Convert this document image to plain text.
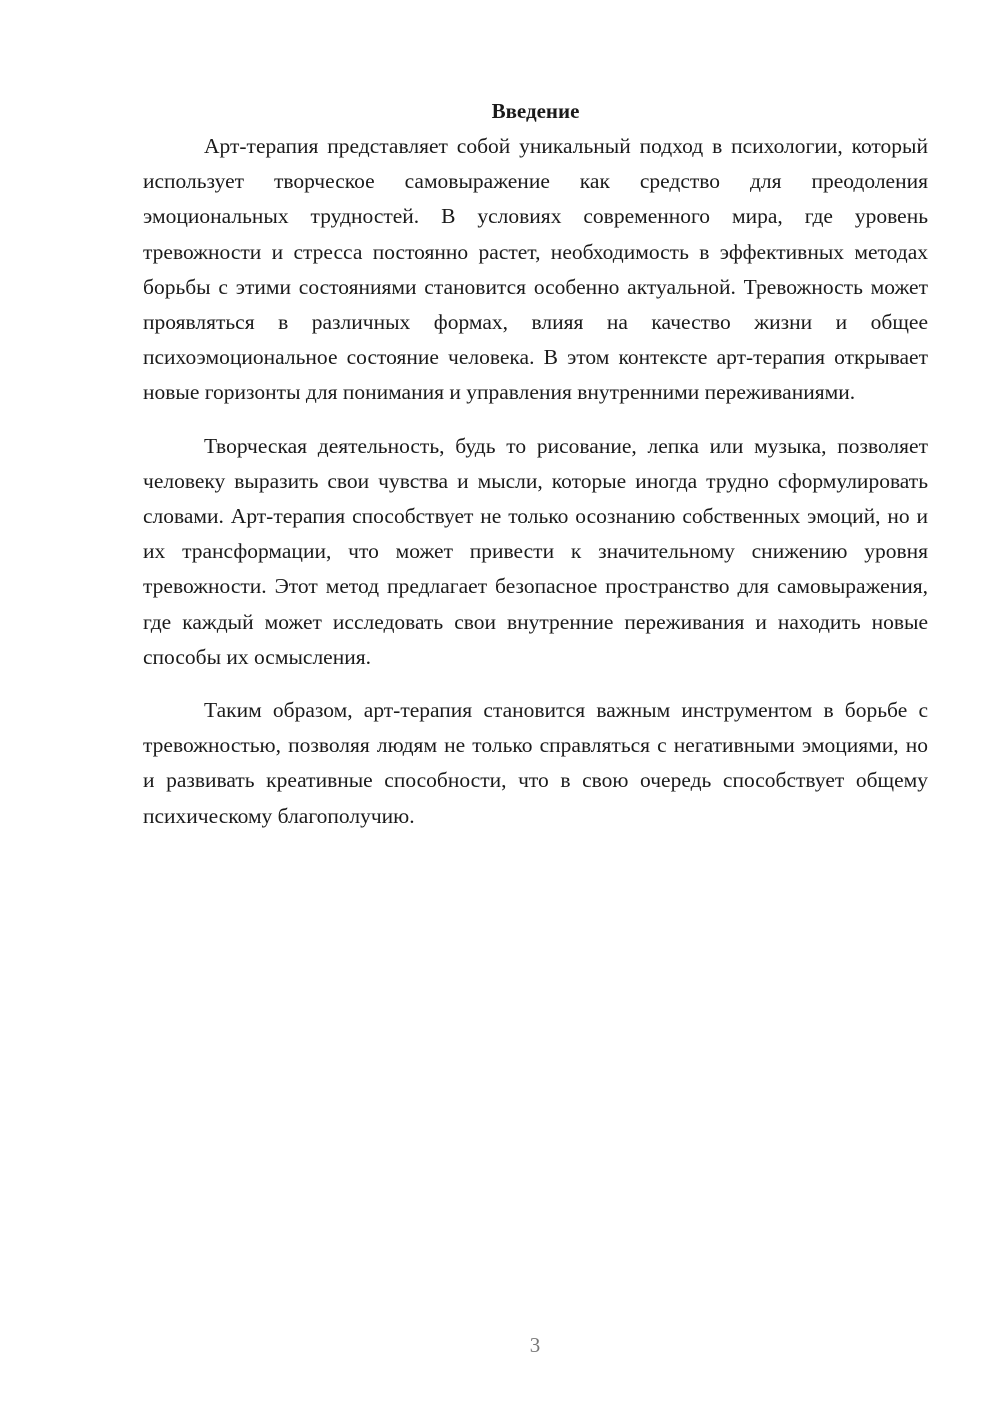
Введение

Арт-терапия представляет собой уникальный подход в психологии, который использует творческое самовыражение как средство для преодоления эмоциональных трудностей. В условиях современного мира, где уровень тревожности и стресса постоянно растет, необходимость в эффективных методах борьбы с этими состояниями становится особенно актуальной. Тревожность может проявляться в различных формах, влияя на качество жизни и общее психоэмоциональное состояние человека. В этом контексте арт-терапия открывает новые горизонты для понимания и управления внутренними переживаниями.

Творческая деятельность, будь то рисование, лепка или музыка, позволяет человеку выразить свои чувства и мысли, которые иногда трудно сформулировать словами. Арт-терапия способствует не только осознанию собственных эмоций, но и их трансформации, что может привести к значительному снижению уровня тревожности. Этот метод предлагает безопасное пространство для самовыражения, где каждый может исследовать свои внутренние переживания и находить новые способы их осмысления.

Таким образом, арт-терапия становится важным инструментом в борьбе с тревожностью, позволяя людям не только справляться с негативными эмоциями, но и развивать креативные способности, что в свою очередь способствует общему психическому благополучию.

3
